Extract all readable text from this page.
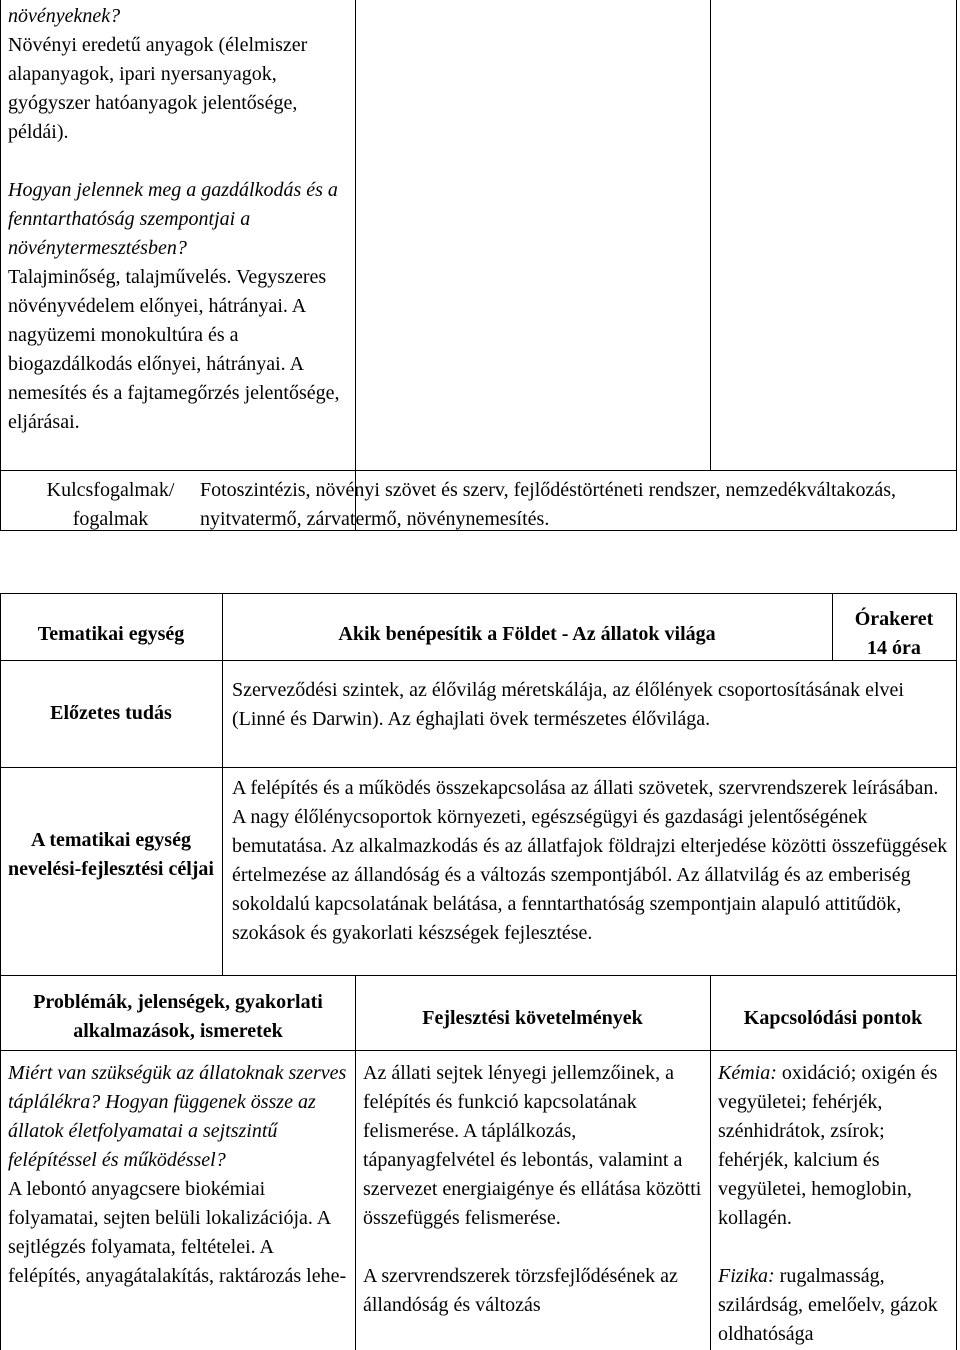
növényeknek?

Növényi eredetű anyagok (élelmiszer alapanyagok, ipari nyersanyagok, gyógyszer hatóanyagok jelentősége, példái).

Hogyan jelennek meg a gazdálkodás és a fenntarthatóság szempontjai a növénytermesztésben?

Talajminőség, talajművelés. Vegyszeres növényvédelem előnyei, hátrányai. A nagyüzemi monokultúra és a biogazdálkodás előnyei, hátrányai. A nemesítés és a fajtamegőrzés jelentősége, eljárásai.

Kulcsfogalmak/ fogalmak
Fotoszintézis, növényi szövet és szerv, fejlődéstörténeti rendszer, nemzedékváltakozás, nyitvatermő, zárvatermő, növénynemesítés.
Tematikai egység	Akik benépesítik a Földet - Az állatok világa
Órakeret
14 óra
Előzetes tudás
Szerveződési szintek, az élővilág méretskálája, az élőlények csoportosításának elvei (Linné és Darwin). Az éghajlati övek természetes élővilága.
A tematikai egység nevelési-fejlesztési céljai
A felépítés és a működés összekapcsolása az állati szövetek, szervrendszerek leírásában. A nagy élőlénycsoportok környezeti, egészségügyi és gazdasági jelentőségének bemutatása. Az alkalmazkodás és az állatfajok földrajzi elterjedése közötti összefüggések értelmezése az állandóság és a változás szempontjából. Az állatvilág és az emberiség sokoldalú kapcsolatának belátása, a fenntarthatóság szempontjain alapuló attitűdök, szokások és gyakorlati készségek fejlesztése.
Problémák, jelenségek, gyakorlati alkalmazások, ismeretek
Fejlesztési követelmények	Kapcsolódási pontok

Miért van szükségük az állatoknak szerves táplálékra? Hogyan függenek össze az állatok életfolyamatai a sejtszintű felépítéssel és működéssel?

A lebontó anyagcsere biokémiai folyamatai, sejten belüli lokalizációja. A sejtlégzés folyamata, feltételei. A felépítés, anyagátalakítás, raktározás lehe-

Az állati sejtek lényegi jellemzőinek, a felépítés és funkció kapcsolatának felismerése. A táplálkozás, tápanyagfelvétel és lebontás, valamint a szervezet energiaigénye és ellátása közötti összefüggés felismerése.

A szervrendszerek törzsfejlődésének az állandóság és változás

Kémia: oxidáció; oxigén és vegyületei; fehérjék, szénhidrátok, zsírok; fehérjék, kalcium és vegyületei, hemoglobin, kollagén.

Fizika: rugalmasság, szilárdság, emelőelv, gázok oldhatósága
